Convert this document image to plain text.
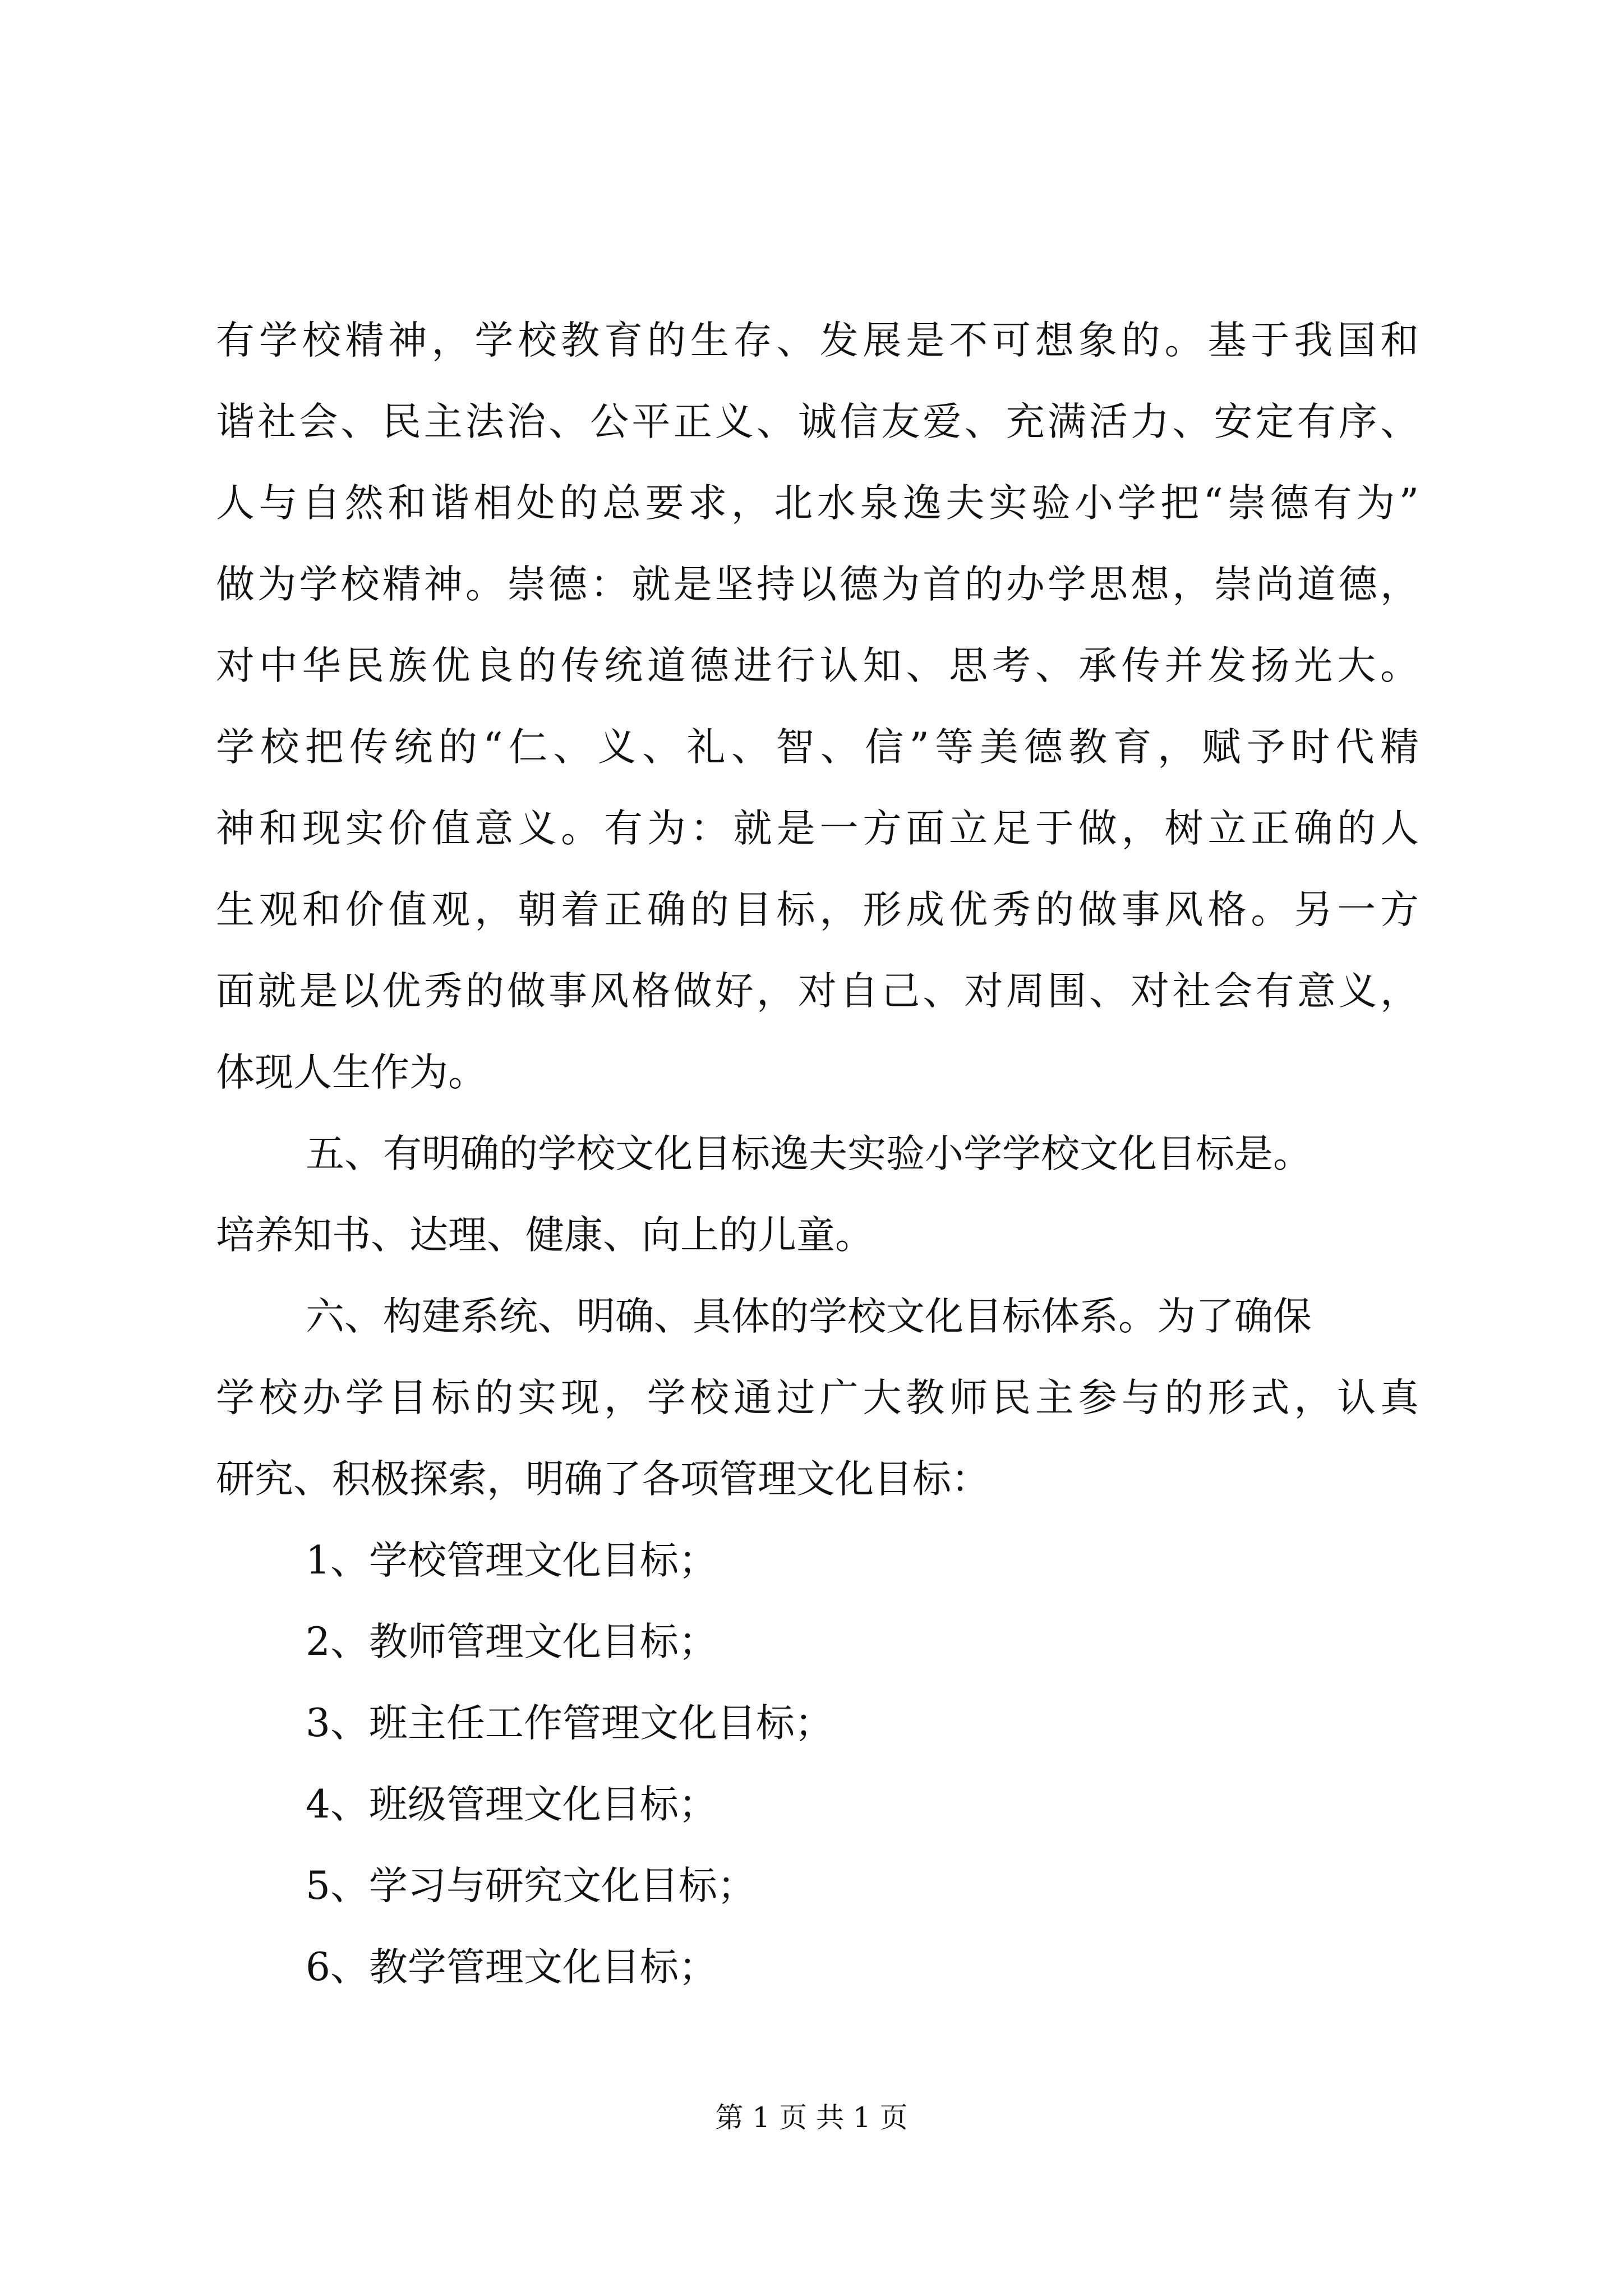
有学校精神，学校教育的生存、发展是不可想象的。基于我国和
谐社会、民主法治、公平正义、诚信友爱、充满活力、安定有序、
人与自然和谐相处的总要求，北水泉逸夫实验小学把“崇德有为”
做为学校精神。崇德：就是坚持以德为首的办学思想，崇尚道德，
对中华民族优良的传统道德进行认知、思考、承传并发扬光大。
学校把传统的“仁、义、礼、智、信”等美德教育，赋予时代精
神和现实价值意义。有为：就是一方面立足于做，树立正确的人
生观和价值观，朝着正确的目标，形成优秀的做事风格。另一方
面就是以优秀的做事风格做好，对自己、对周围、对社会有意义，
体现人生作为。
五、有明确的学校文化目标逸夫实验小学学校文化目标是。
培养知书、达理、健康、向上的儿童。
六、构建系统、明确、具体的学校文化目标体系。为了确保
学校办学目标的实现，学校通过广大教师民主参与的形式，认真
研究、积极探索，明确了各项管理文化目标：
1、学校管理文化目标；
2、教师管理文化目标；
3、班主任工作管理文化目标；
4、班级管理文化目标；
5、学习与研究文化目标；
6、教学管理文化目标；
第 1 页 共 1 页
